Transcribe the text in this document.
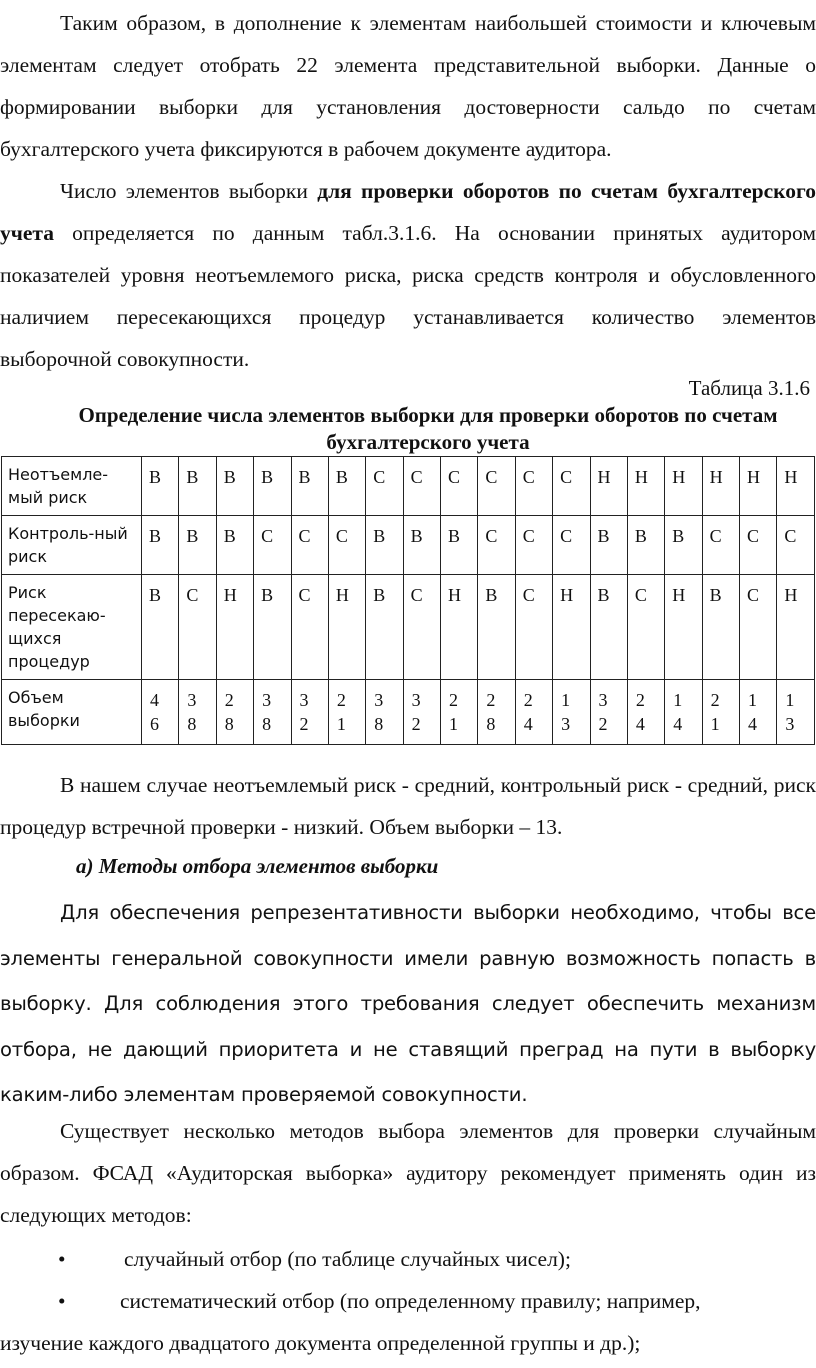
Таким образом, в дополнение к элементам наибольшей стоимости и ключевым элементам следует отобрать 22 элемента представительной выборки. Данные о формировании выборки для установления достоверности сальдо по счетам бухгалтерского учета фиксируются в рабочем документе аудитора.

Число элементов выборки для проверки оборотов по счетам бухгалтерского учета определяется по данным табл.3.1.6. На основании принятых аудитором показателей уровня неотъемлемого риска, риска средств контроля и обусловленного наличием пересекающихся процедур устанавливается количество элементов выборочной совокупности.

Таблица 3.1.6
Определение числа элементов выборки для проверки оборотов по счетам бухгалтерского учета
Неотъемле-мый риск	В	В	В	В	В	В	С	С	С	С	С	С	Н	Н	Н	Н	Н	Н
Контроль-ный риск	В	В	В	С	С	С	В	В	В	С	С	С	В	В	В	С	С	С
Риск пересекаю-щихся процедур	В	С	Н	В	С	Н	В	С	Н	В	С	Н	В	С	Н	В	С	Н
Объем выборки	46	38	28	38	32	21	38	32	21	28	24	13	32	24	14	21	14	13

В нашем случае неотъемлемый риск - средний, контрольный риск - средний, риск процедур встречной проверки - низкий. Объем выборки – 13.

а) Методы отбора элементов выборки

Для обеспечения репрезентативности выборки необходимо, чтобы все элементы генеральной совокупности имели равную возможность попасть в выборку. Для соблюдения этого требования следует обеспечить механизм отбора, не дающий приоритета и не ставящий преград на пути в выборку каким-либо элементам проверяемой совокупности.

Существует несколько методов выбора элементов для проверки случайным образом. ФСАД «Аудиторская выборка» аудитору рекомендует применять один из следующих методов:

•	случайный отбор (по таблице случайных чисел);
•	систематический отбор (по определенному правилу; например,
изучение каждого двадцатого документа определенной группы и др.);
